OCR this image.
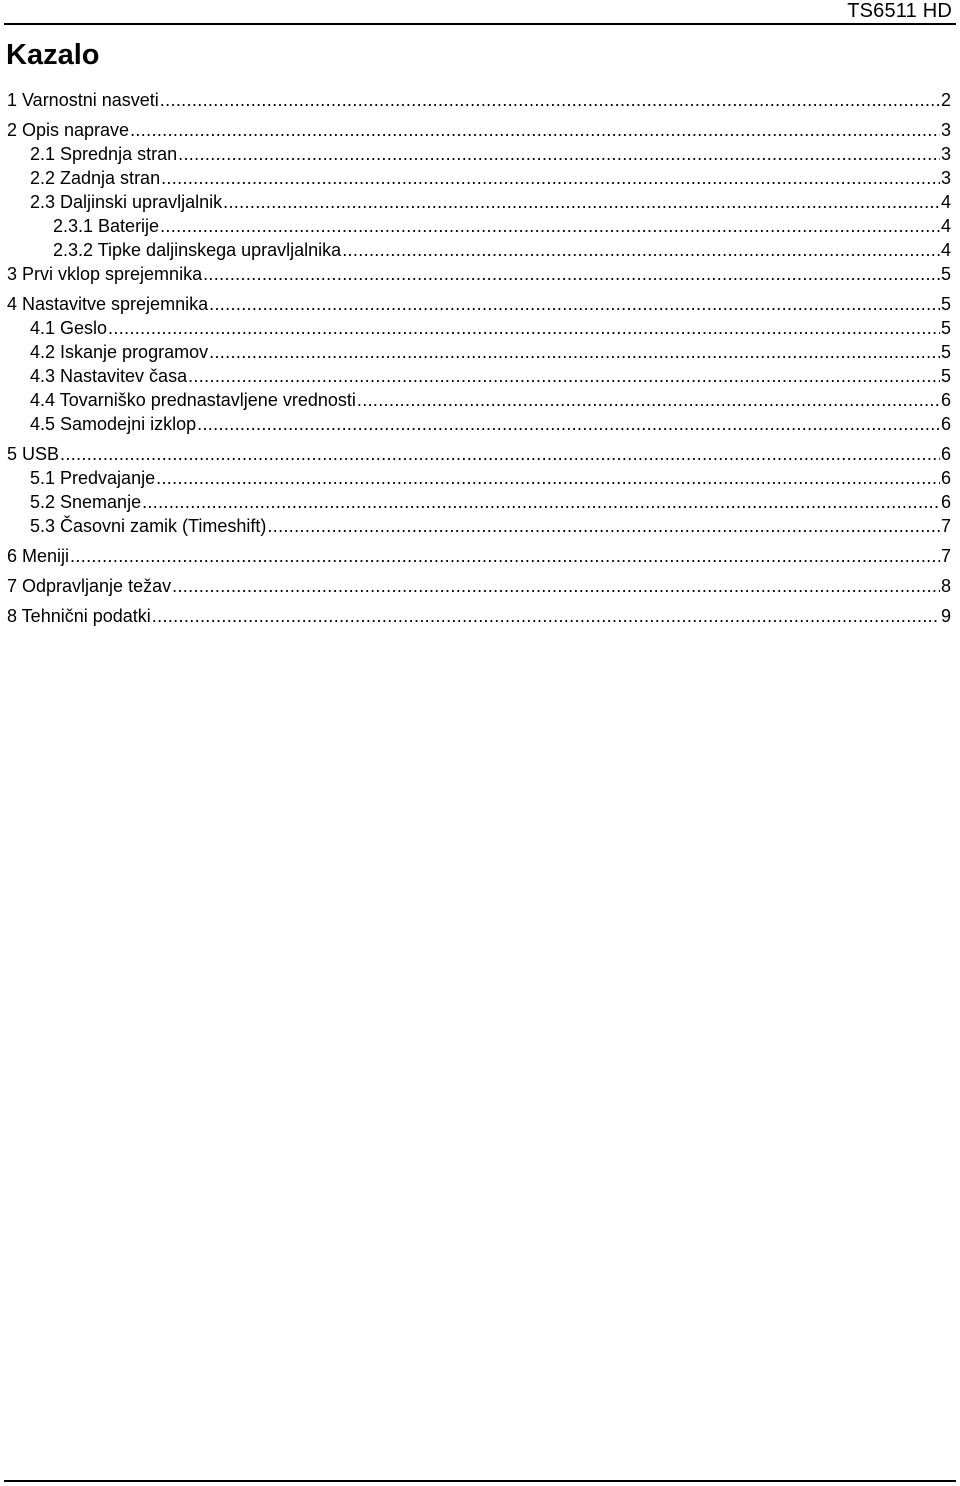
TS6511 HD
Kazalo
1 Varnostni nasveti .....	2
2 Opis naprave .....	3
2.1 Sprednja stran .....	3
2.2 Zadnja stran .....	3
2.3 Daljinski upravljalnik .....	4
2.3.1 Baterije .....	4
2.3.2 Tipke daljinskega upravljalnika .....	4
3 Prvi vklop sprejemnika .....	5
4 Nastavitve sprejemnika .....	5
4.1 Geslo .....	5
4.2 Iskanje programov .....	5
4.3 Nastavitev časa .....	5
4.4 Tovarniško prednastavljene vrednosti .....	6
4.5 Samodejni izklop .....	6
5 USB .....	6
5.1 Predvajanje .....	6
5.2 Snemanje .....	6
5.3 Časovni zamik (Timeshift) .....	7
6 Meniji .....	7
7 Odpravljanje težav .....	8
8 Tehnični podatki .....	9
